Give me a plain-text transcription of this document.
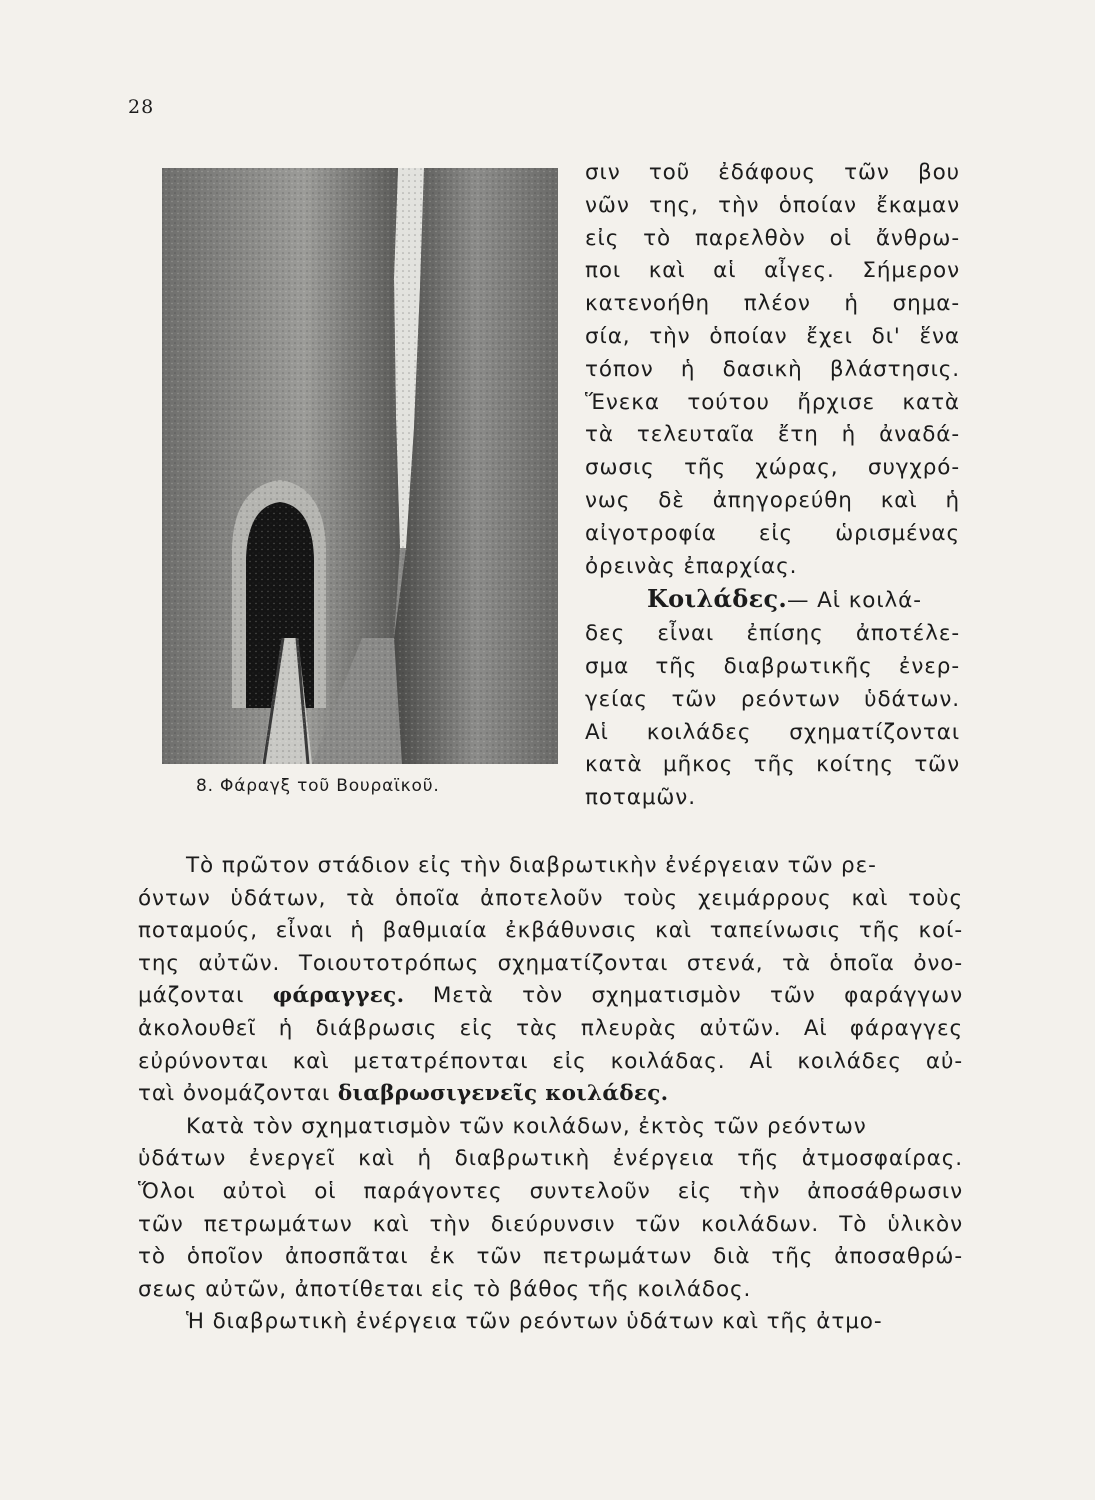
28
8. Φάραγξ τοῦ Βουραϊκοῦ.
σιν τοῦ ἐδάφους τῶν βου
νῶν της, τὴν ὁποίαν ἔκαμαν
εἰς τὸ παρελθὸν οἱ ἄνθρω-
ποι καὶ αἱ αἶγες. Σήμερον
κατενοήθη πλέον ἡ σημα-
σία, τὴν ὁποίαν ἔχει δι' ἕνα
τόπον ἡ δασικὴ βλάστησις.
Ἕνεκα τούτου ἤρχισε κατὰ
τὰ τελευταῖα ἔτη ἡ ἀναδά-
σωσις τῆς χώρας, συγχρό-
νως δὲ ἀπηγορεύθη καὶ ἡ
αἰγοτροφία εἰς ὡρισμένας
ὀρεινὰς ἐπαρχίας.
Κοιλάδες.— Αἱ κοιλά-
δες εἶναι ἐπίσης ἀποτέλε-
σμα τῆς διαβρωτικῆς ἐνερ-
γείας τῶν ρεόντων ὑδάτων.
Αἱ κοιλάδες σχηματίζονται
κατὰ μῆκος τῆς κοίτης τῶν
ποταμῶν.
Τὸ πρῶτον στάδιον εἰς τὴν διαβρωτικὴν ἐνέργειαν τῶν ρε-
όντων ὑδάτων, τὰ ὁποῖα ἀποτελοῦν τοὺς χειμάρρους καὶ τοὺς
ποταμούς, εἶναι ἡ βαθμιαία ἐκβάθυνσις καὶ ταπείνωσις τῆς κοί-
της αὐτῶν. Τοιουτοτρόπως σχηματίζονται στενά, τὰ ὁποῖα ὀνο-
μάζονται φάραγγες. Μετὰ τὸν σχηματισμὸν τῶν φαράγγων
ἀκολουθεῖ ἡ διάβρωσις εἰς τὰς πλευρὰς αὐτῶν. Αἱ φάραγγες
εὐρύνονται καὶ μετατρέπονται εἰς κοιλάδας. Αἱ κοιλάδες αὐ-
ταὶ ὀνομάζονται διαβρωσιγενεῖς κοιλάδες.
Κατὰ τὸν σχηματισμὸν τῶν κοιλάδων, ἐκτὸς τῶν ρεόντων
ὑδάτων ἐνεργεῖ καὶ ἡ διαβρωτικὴ ἐνέργεια τῆς ἀτμοσφαίρας.
Ὅλοι αὐτοὶ οἱ παράγοντες συντελοῦν εἰς τὴν ἀποσάθρωσιν
τῶν πετρωμάτων καὶ τὴν διεύρυνσιν τῶν κοιλάδων. Τὸ ὑλικὸν
τὸ ὁποῖον ἀποσπᾶται ἐκ τῶν πετρωμάτων διὰ τῆς ἀποσαθρώ-
σεως αὐτῶν, ἀποτίθεται εἰς τὸ βάθος τῆς κοιλάδος.
Ἡ διαβρωτικὴ ἐνέργεια τῶν ρεόντων ὑδάτων καὶ τῆς ἀτμο-
